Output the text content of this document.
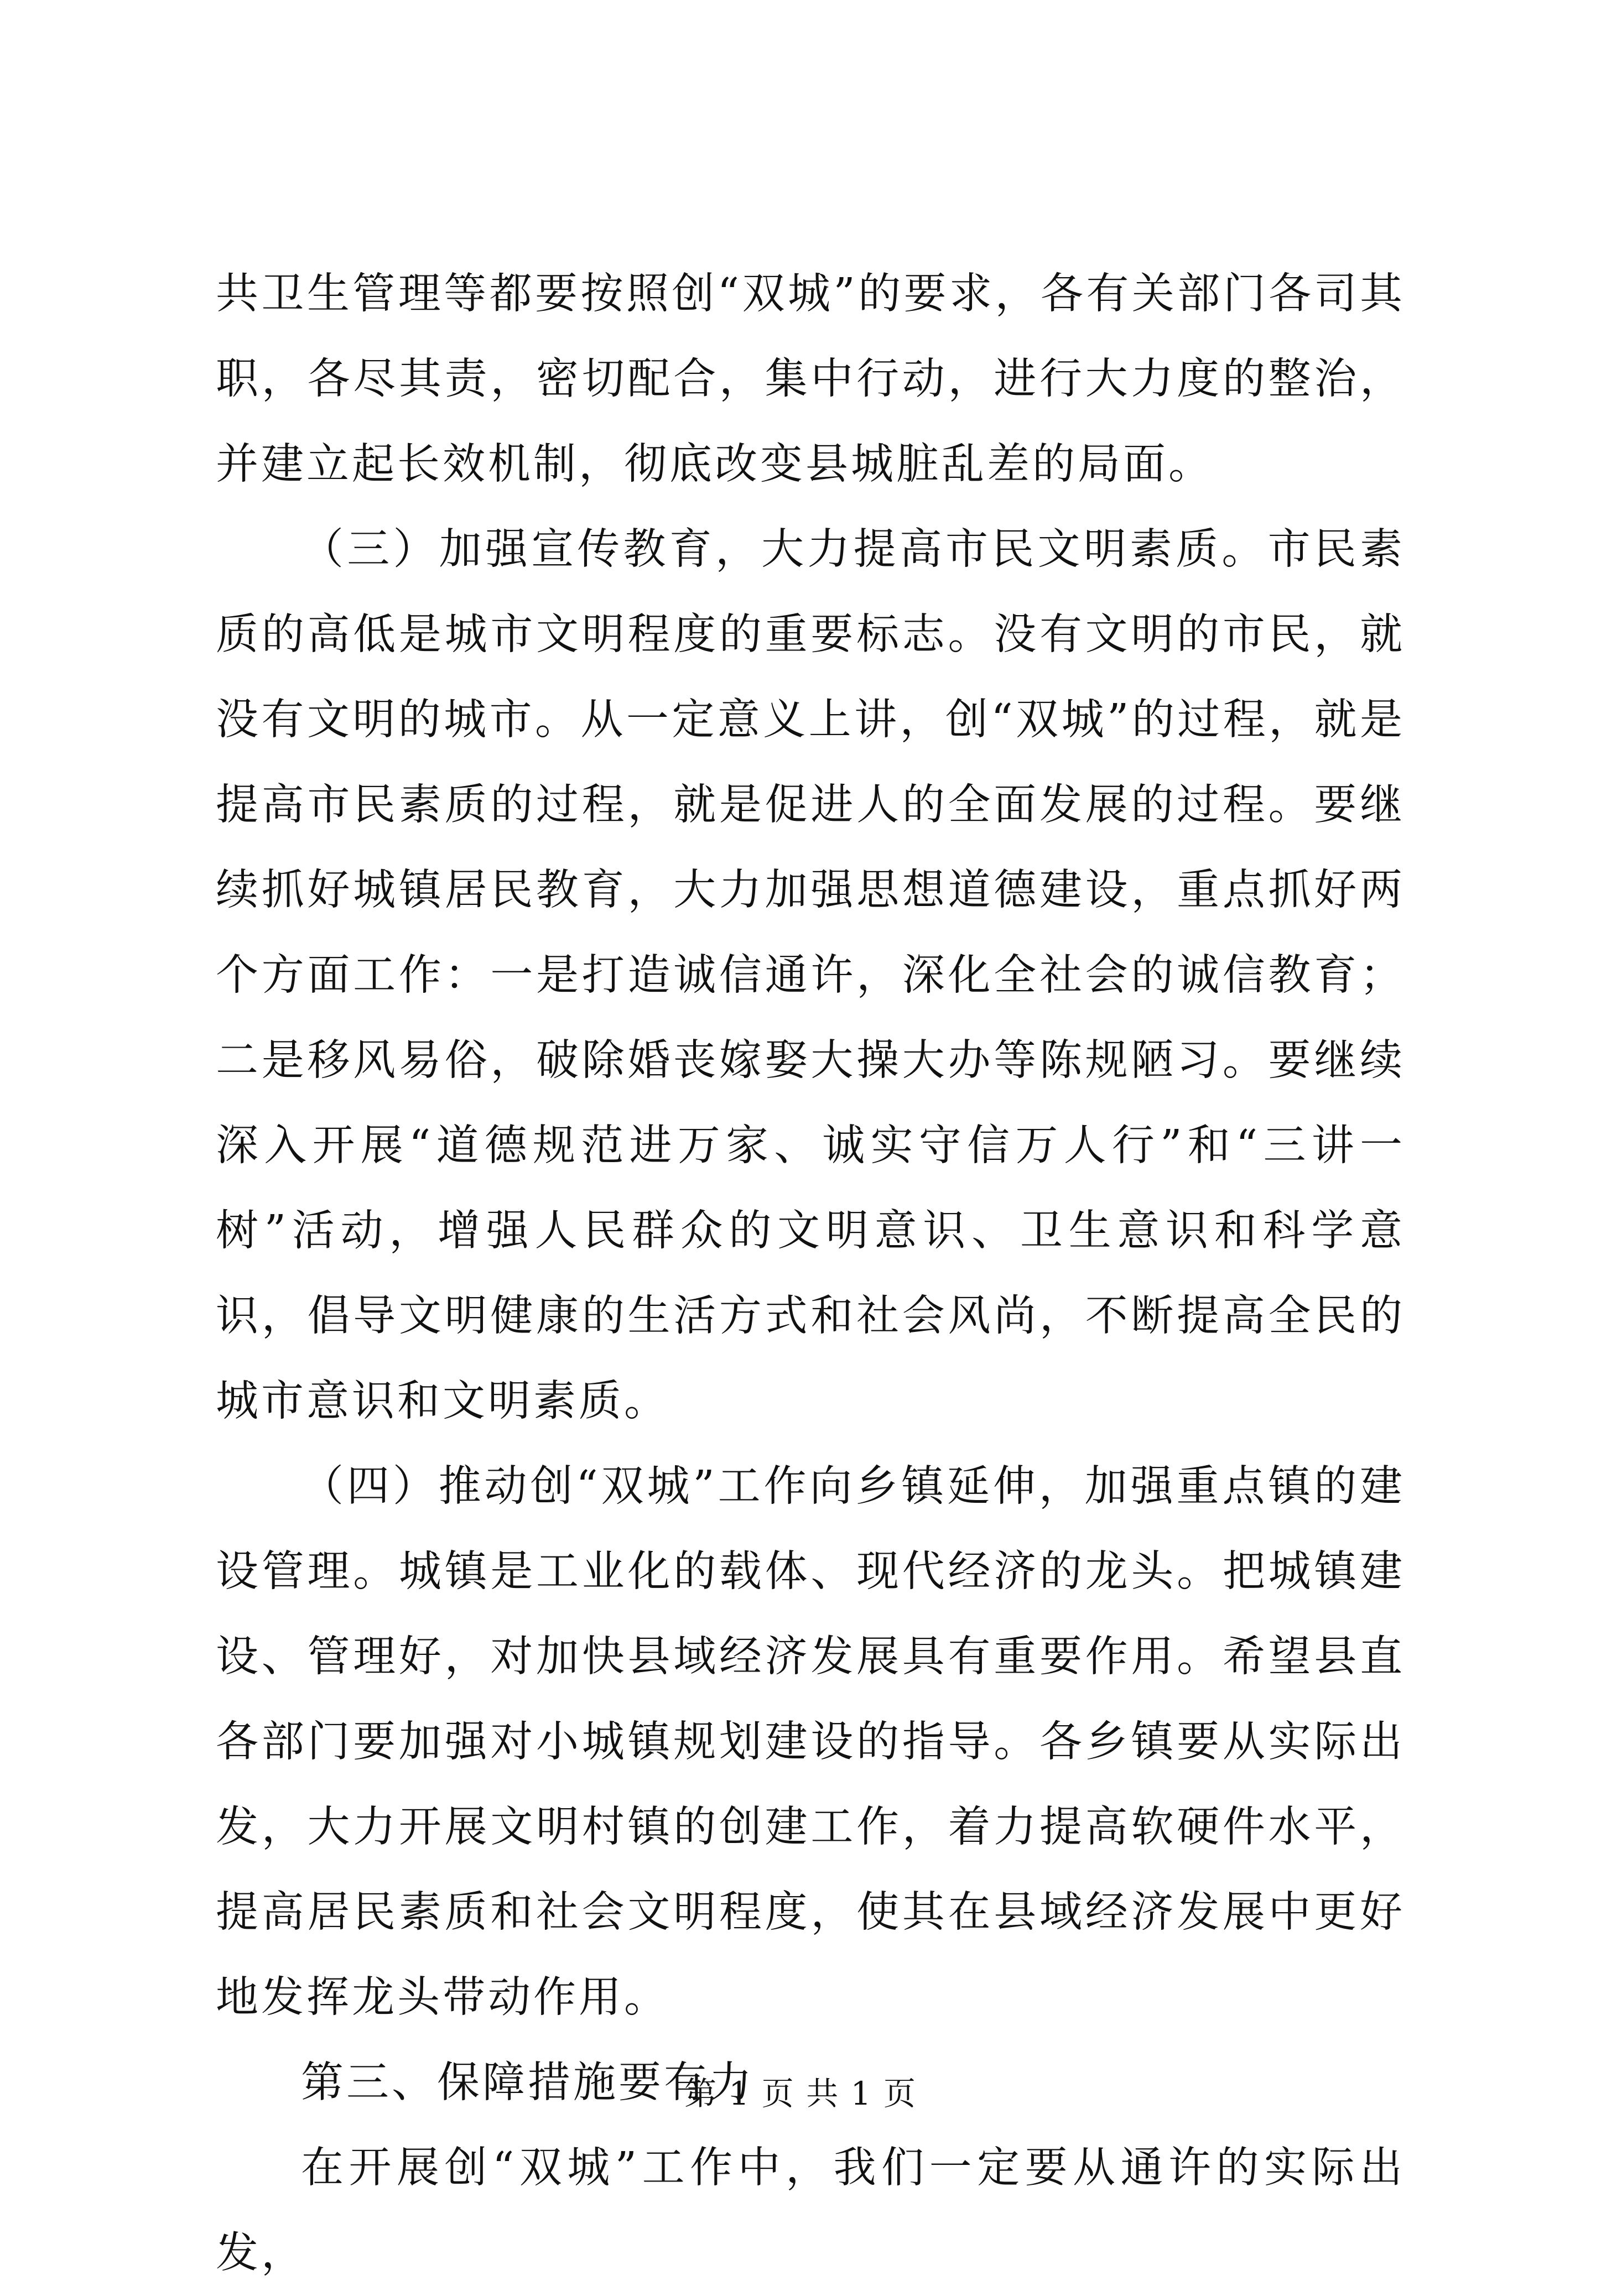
共卫生管理等都要按照创“双城”的要求，各有关部门各司其职，各尽其责，密切配合，集中行动，进行大力度的整治，并建立起长效机制，彻底改变县城脏乱差的局面。

（三）加强宣传教育，大力提高市民文明素质。市民素质的高低是城市文明程度的重要标志。没有文明的市民，就没有文明的城市。从一定意义上讲，创“双城”的过程，就是提高市民素质的过程，就是促进人的全面发展的过程。要继续抓好城镇居民教育，大力加强思想道德建设，重点抓好两个方面工作：一是打造诚信通许，深化全社会的诚信教育；二是移风易俗，破除婚丧嫁娶大操大办等陈规陋习。要继续深入开展“道德规范进万家、诚实守信万人行”和“三讲一树”活动，增强人民群众的文明意识、卫生意识和科学意识，倡导文明健康的生活方式和社会风尚，不断提高全民的城市意识和文明素质。

（四）推动创“双城”工作向乡镇延伸，加强重点镇的建设管理。城镇是工业化的载体、现代经济的龙头。把城镇建设、管理好，对加快县域经济发展具有重要作用。希望县直各部门要加强对小城镇规划建设的指导。各乡镇要从实际出发，大力开展文明村镇的创建工作，着力提高软硬件水平，提高居民素质和社会文明程度，使其在县域经济发展中更好地发挥龙头带动作用。

第三、保障措施要有力

在开展创“双城”工作中，我们一定要从通许的实际出发，

第 1 页 共 1 页
